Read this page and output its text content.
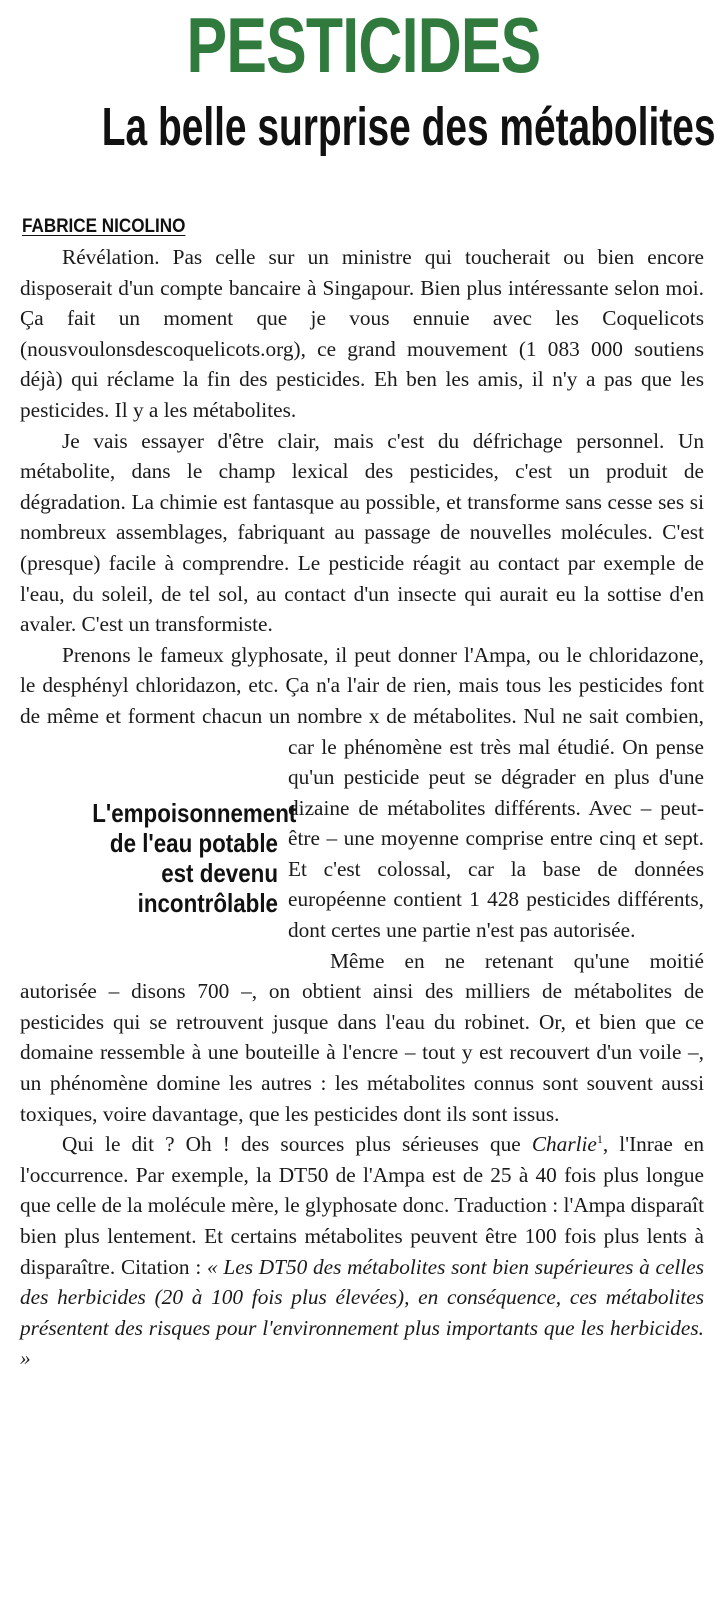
PESTICIDES
La belle surprise des métabolites
FABRICE NICOLINO

Révélation. Pas celle sur un ministre qui toucherait ou bien encore disposerait d'un compte bancaire à Singapour. Bien plus intéressante selon moi. Ça fait un moment que je vous ennuie avec les Coquelicots (nousvoulonsdescoquelicots.org), ce grand mouvement (1 083 000 soutiens déjà) qui réclame la fin des pesticides. Eh ben les amis, il n'y a pas que les pesticides. Il y a les métabolites.

Je vais essayer d'être clair, mais c'est du défrichage personnel. Un métabolite, dans le champ lexical des pesticides, c'est un produit de dégradation. La chimie est fantasque au possible, et transforme sans cesse ses si nombreux assemblages, fabriquant au passage de nouvelles molécules. C'est (presque) facile à comprendre. Le pesticide réagit au contact par exemple de l'eau, du soleil, de tel sol, au contact d'un insecte qui aurait eu la sottise d'en avaler. C'est un transformiste.

L'empoisonnement
de l'eau potable
est devenu
incontrôlable
Prenons le fameux glyphosate, il peut donner l'Ampa, ou le chloridazone, le desphényl chloridazon, etc. Ça n'a l'air de rien, mais tous les pesticides font de même et forment chacun un nombre x de métabolites. Nul ne sait combien, car le phénomène est très mal étudié. On pense qu'un pesticide peut se dégrader en plus d'une dizaine de métabolites différents. Avec – peut-être – une moyenne comprise entre cinq et sept. Et c'est colossal, car la base de données européenne contient 1 428 pesticides différents, dont certes une partie n'est pas autorisée.

Même en ne retenant qu'une moitié autorisée – disons 700 –, on obtient ainsi des milliers de métabolites de pesticides qui se retrouvent jusque dans l'eau du robinet. Or, et bien que ce domaine ressemble à une bouteille à l'encre – tout y est recouvert d'un voile –, un phénomène domine les autres : les métabolites connus sont souvent aussi toxiques, voire davantage, que les pesticides dont ils sont issus.

Qui le dit ? Oh ! des sources plus sérieuses que Charlie$^1$, l'Inrae en l'occurrence. Par exemple, la DT50 de l'Ampa est de 25 à 40 fois plus longue que celle de la molécule mère, le glyphosate donc. Traduction : l'Ampa disparaît bien plus lentement. Et certains métabolites peuvent être 100 fois plus lents à disparaître. Citation : « Les DT50 des métabolites sont bien supérieures à celles des herbicides (20 à 100 fois plus élevées), en conséquence, ces métabolites présentent des risques pour l'environnement plus importants que les herbicides. »
